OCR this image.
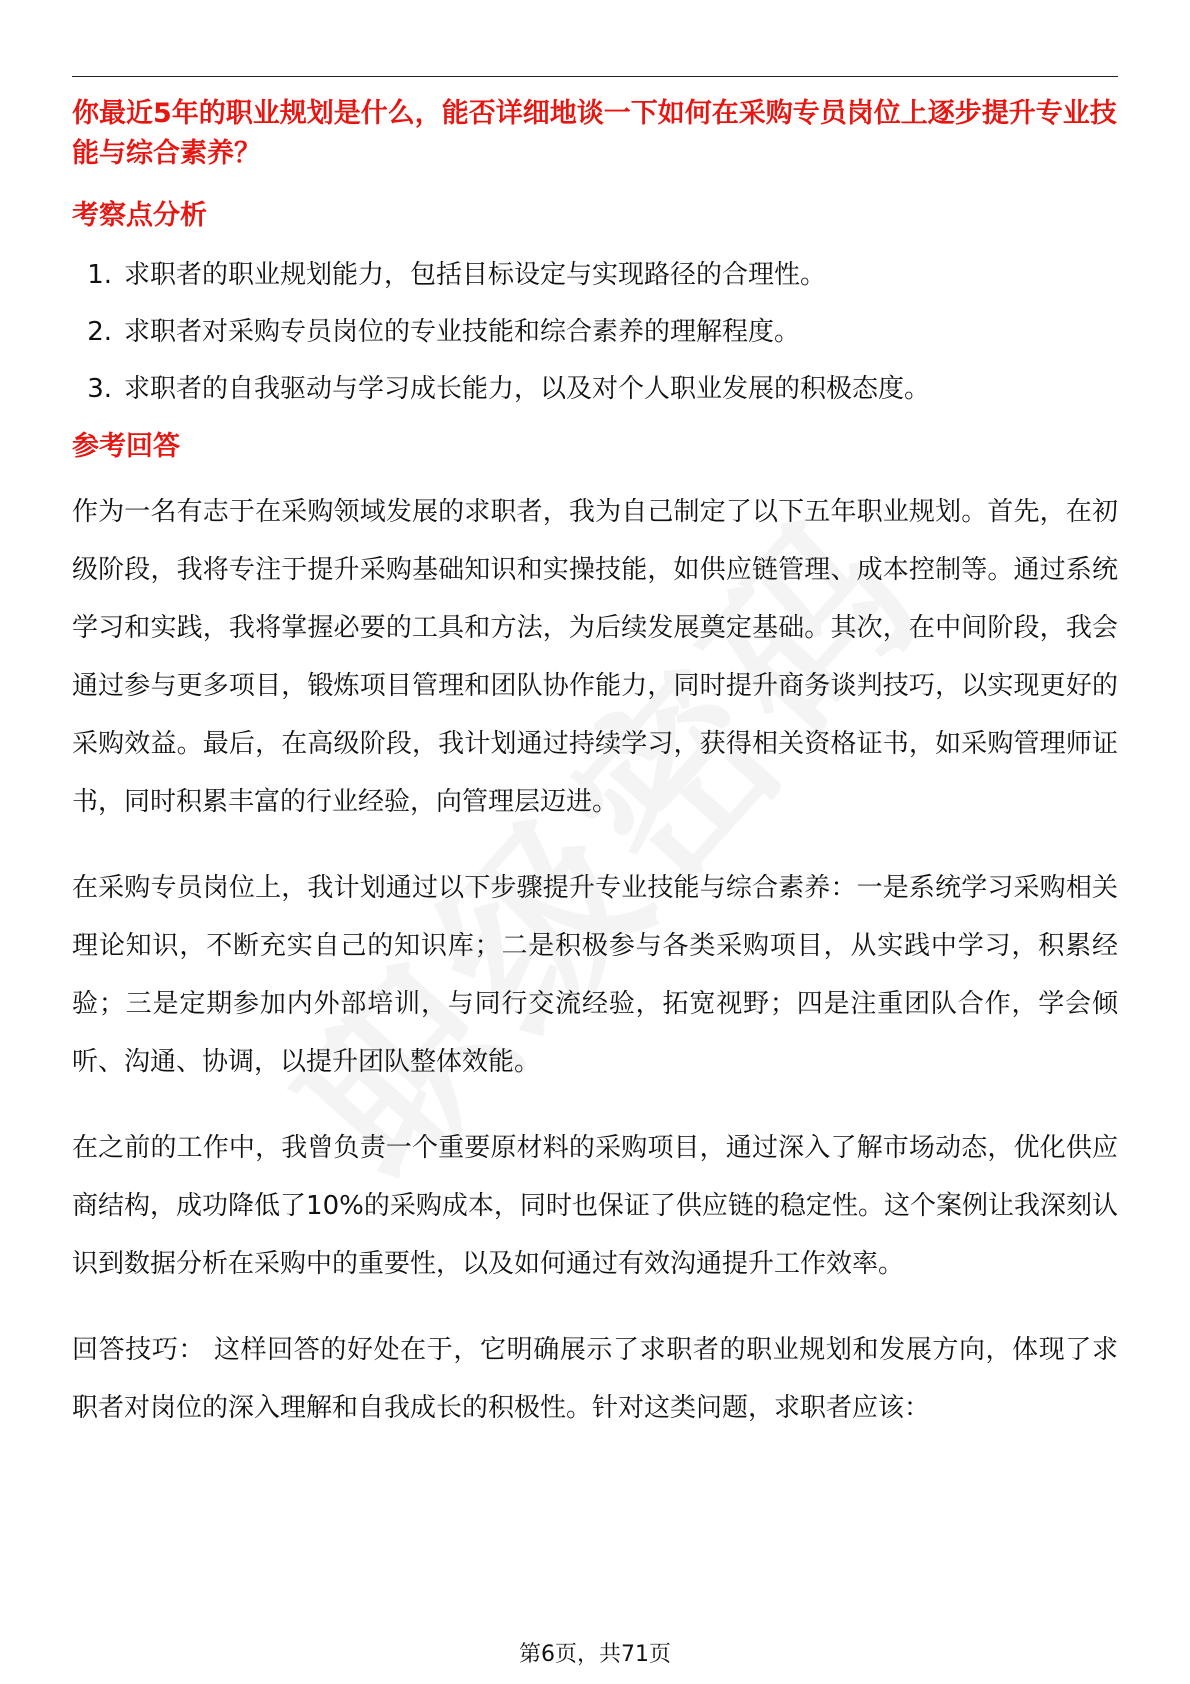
你最近5年的职业规划是什么，能否详细地谈一下如何在采购专员岗位上逐步提升专业技能与综合素养？

考察点分析
1. 求职者的职业规划能力，包括目标设定与实现路径的合理性。
2. 求职者对采购专员岗位的专业技能和综合素养的理解程度。
3. 求职者的自我驱动与学习成长能力，以及对个人职业发展的积极态度。
参考回答

作为一名有志于在采购领域发展的求职者，我为自己制定了以下五年职业规划。首先，在初级阶段，我将专注于提升采购基础知识和实操技能，如供应链管理、成本控制等。通过系统学习和实践，我将掌握必要的工具和方法，为后续发展奠定基础。其次，在中间阶段，我会通过参与更多项目，锻炼项目管理和团队协作能力，同时提升商务谈判技巧，以实现更好的采购效益。最后，在高级阶段，我计划通过持续学习，获得相关资格证书，如采购管理师证书，同时积累丰富的行业经验，向管理层迈进。

在采购专员岗位上，我计划通过以下步骤提升专业技能与综合素养：一是系统学习采购相关理论知识，不断充实自己的知识库；二是积极参与各类采购项目，从实践中学习，积累经验；三是定期参加内外部培训，与同行交流经验，拓宽视野；四是注重团队合作，学会倾听、沟通、协调，以提升团队整体效能。

在之前的工作中，我曾负责一个重要原材料的采购项目，通过深入了解市场动态，优化供应商结构，成功降低了10%的采购成本，同时也保证了供应链的稳定性。这个案例让我深刻认识到数据分析在采购中的重要性，以及如何通过有效沟通提升工作效率。

回答技巧： 这样回答的好处在于，它明确展示了求职者的职业规划和发展方向，体现了求职者对岗位的深入理解和自我成长的积极性。针对这类问题，求职者应该：

第6页，共71页
